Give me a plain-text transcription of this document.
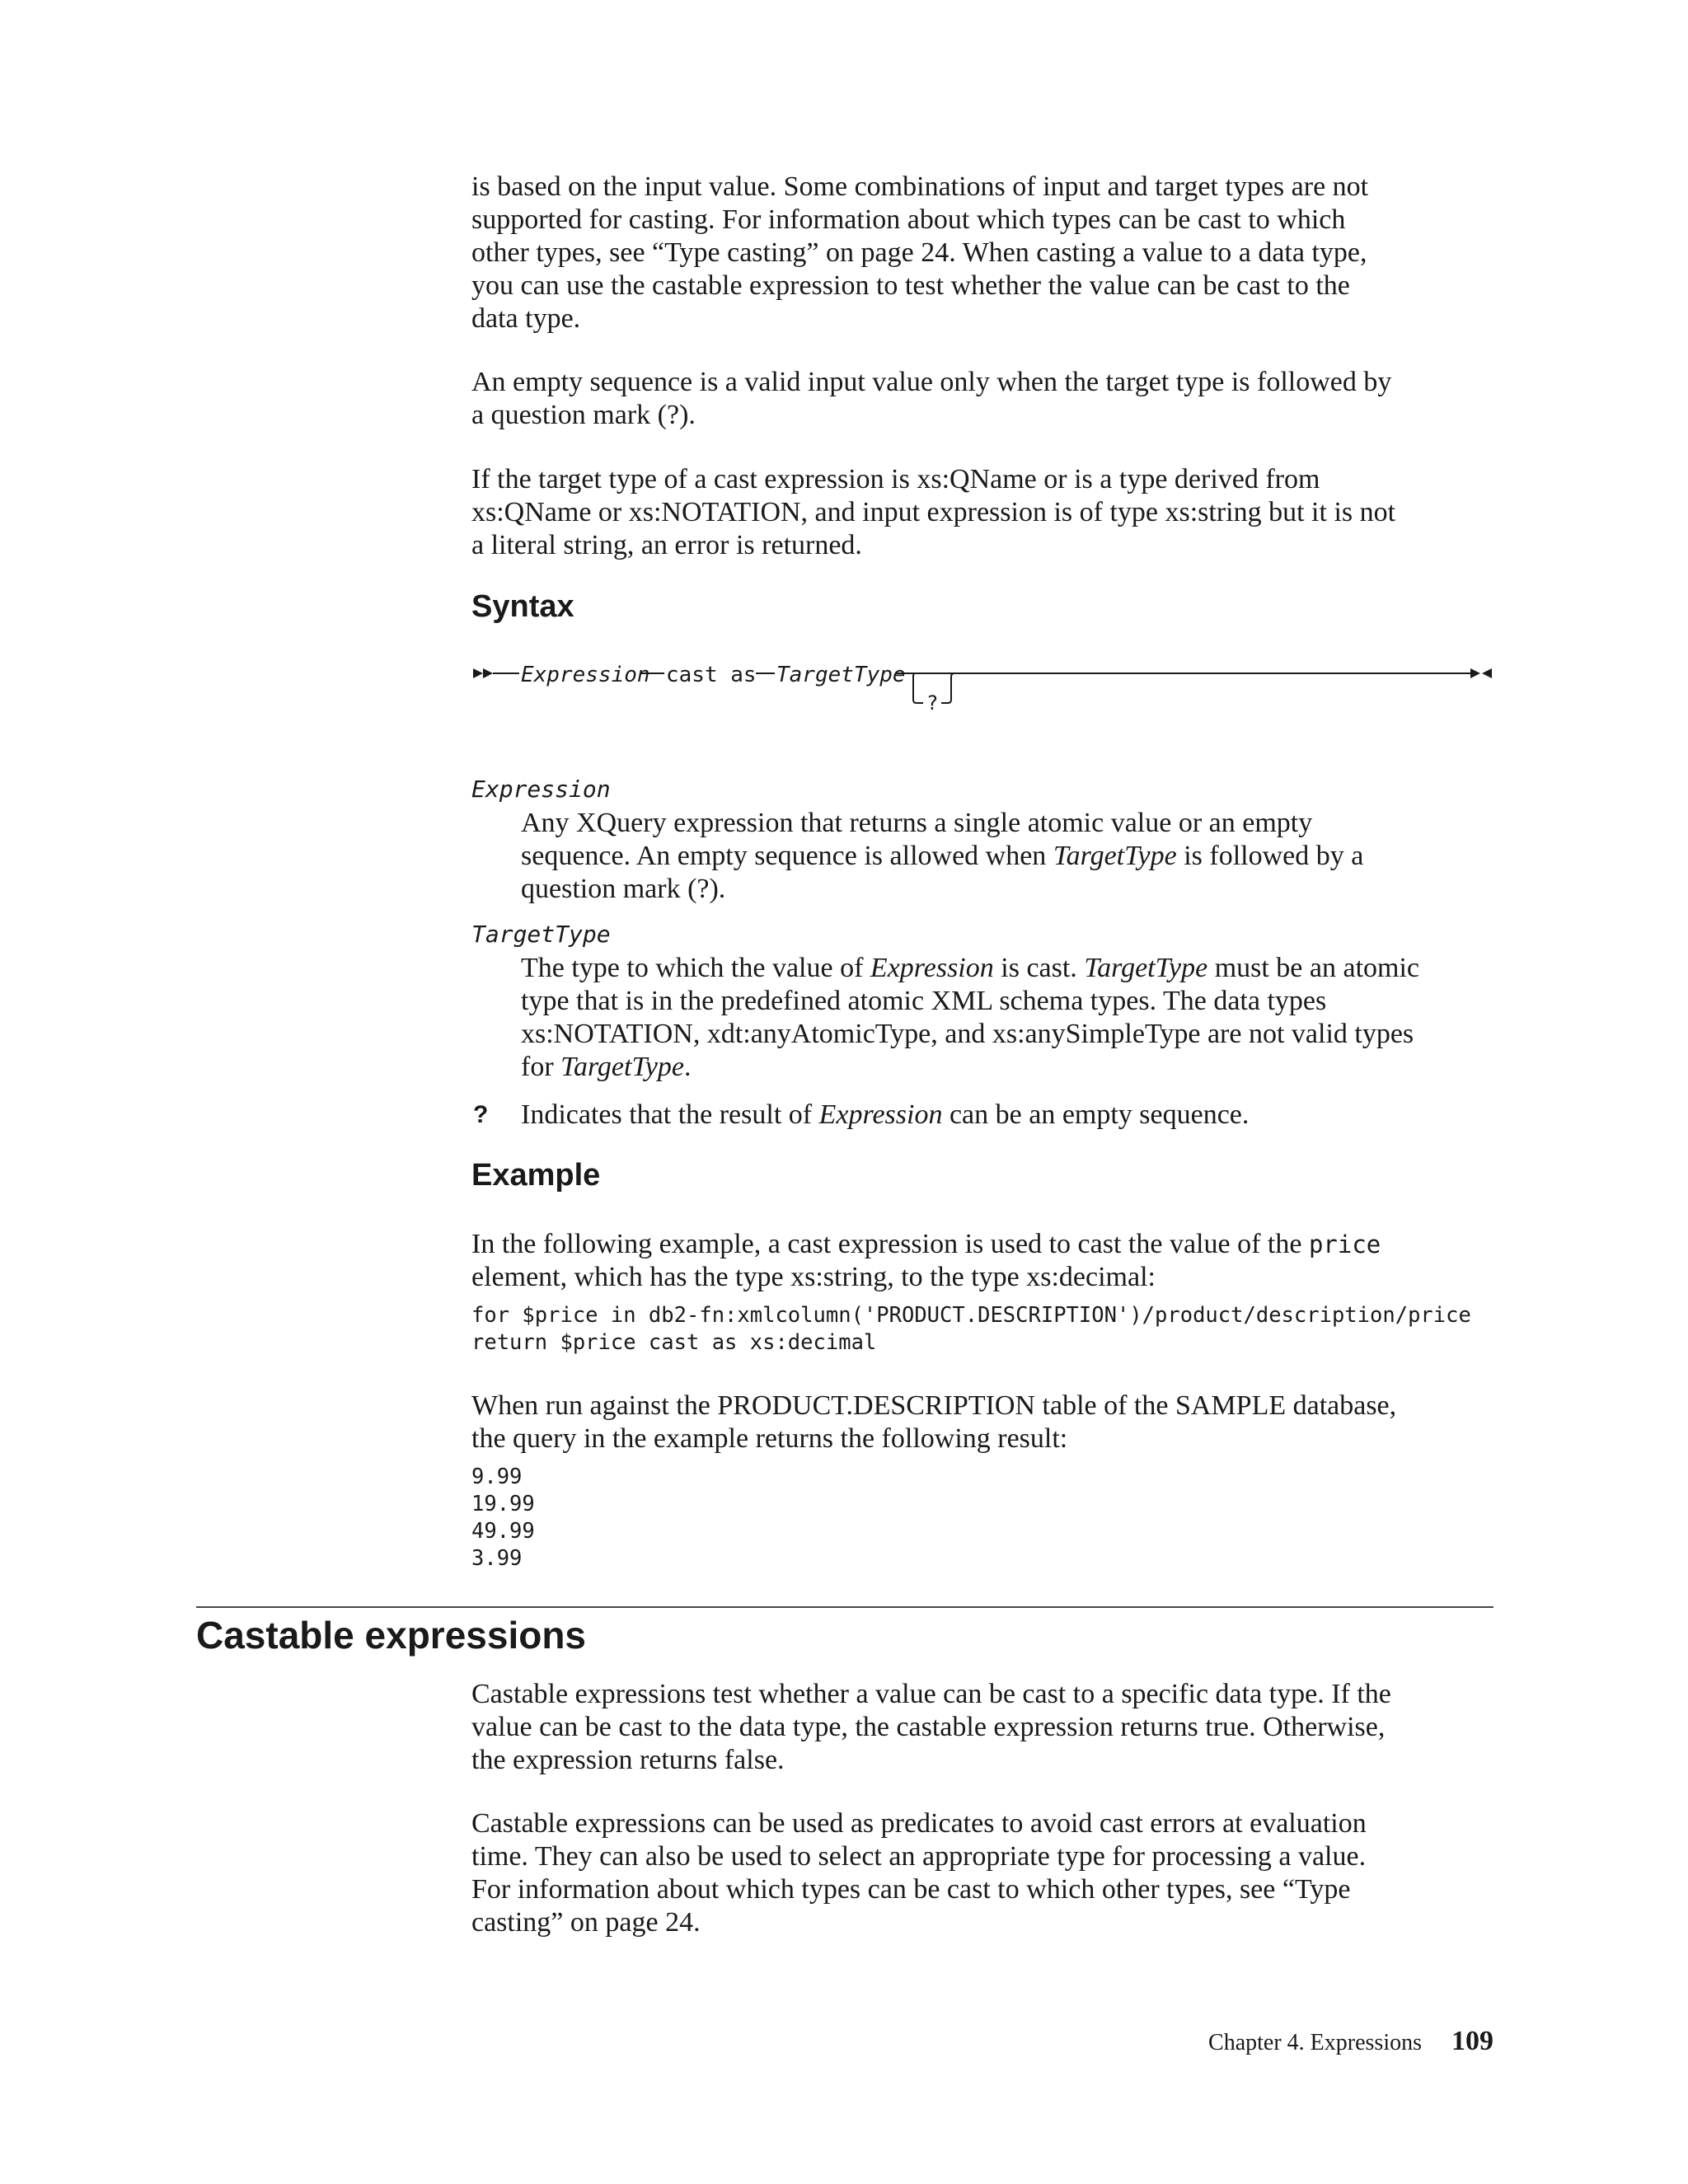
is based on the input value. Some combinations of input and target types are not

supported for casting. For information about which types can be cast to which

other types, see “Type casting” on page 24. When casting a value to a data type,

you can use the castable expression to test whether the value can be cast to the

data type.

An empty sequence is a valid input value only when the target type is followed by

a question mark (?).

If the target type of a cast expression is xs:QName or is a type derived from

xs:QName or xs:NOTATION, and input expression is of type xs:string but it is not

a literal string, an error is returned.

Syntax
Expression cast as TargetType
?
Expression

Any XQuery expression that returns a single atomic value or an empty

sequence. An empty sequence is allowed when TargetType is followed by a

question mark (?).

TargetType

The type to which the value of Expression is cast. TargetType must be an atomic

type that is in the predefined atomic XML schema types. The data types

xs:NOTATION, xdt:anyAtomicType, and xs:anySimpleType are not valid types

for TargetType.

? Indicates that the result of Expression can be an empty sequence.

Example

In the following example, a cast expression is used to cast the value of the price

element, which has the type xs:string, to the type xs:decimal:

for $price in db2-fn:xmlcolumn('PRODUCT.DESCRIPTION')/product/description/price

return $price cast as xs:decimal

When run against the PRODUCT.DESCRIPTION table of the SAMPLE database,

the query in the example returns the following result:

9.99

19.99

49.99

3.99

Castable expressions

Castable expressions test whether a value can be cast to a specific data type. If the

value can be cast to the data type, the castable expression returns true. Otherwise,

the expression returns false.

Castable expressions can be used as predicates to avoid cast errors at evaluation

time. They can also be used to select an appropriate type for processing a value.

For information about which types can be cast to which other types, see “Type

casting” on page 24.

Chapter 4. Expressions 109
